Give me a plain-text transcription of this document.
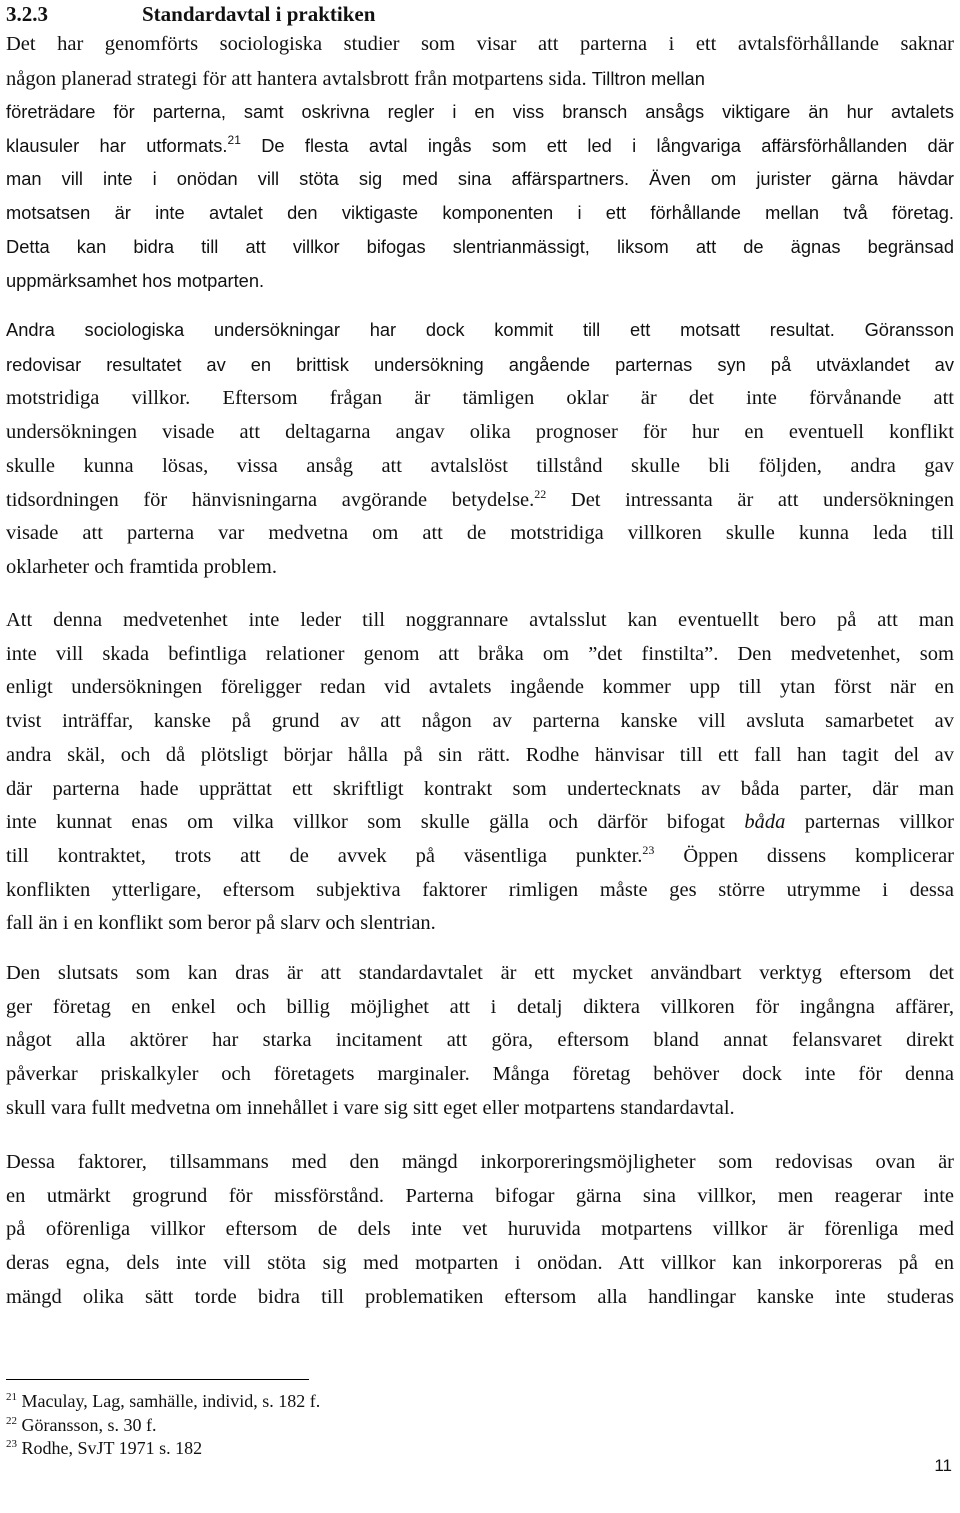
3.2.3	Standardavtal i praktiken
Det har genomförts sociologiska studier som visar att parterna i ett avtalsförhållande saknar
någon planerad strategi för att hantera avtalsbrott från motpartens sida. Tilltron mellan
företrädare för parterna, samt oskrivna regler i en viss bransch ansågs viktigare än hur avtalets
klausuler har utformats.$^{21}$ De flesta avtal ingås som ett led i långvariga affärsförhållanden där
man vill inte i onödan vill stöta sig med sina affärspartners. Även om jurister gärna hävdar
motsatsen är inte avtalet den viktigaste komponenten i ett förhållande mellan två företag.
Detta kan bidra till att villkor bifogas slentrianmässigt, liksom att de ägnas begränsad
uppmärksamhet hos motparten.
Andra sociologiska undersökningar har dock kommit till ett motsatt resultat. Göransson
redovisar resultatet av en brittisk undersökning angående parternas syn på utväxlandet av
motstridiga villkor. Eftersom frågan är tämligen oklar är det inte förvånande att
undersökningen visade att deltagarna angav olika prognoser för hur en eventuell konflikt
skulle kunna lösas, vissa ansåg att avtalslöst tillstånd skulle bli följden, andra gav
tidsordningen för hänvisningarna avgörande betydelse.$^{22}$ Det intressanta är att undersökningen
visade att parterna var medvetna om att de motstridiga villkoren skulle kunna leda till
oklarheter och framtida problem.
Att denna medvetenhet inte leder till noggrannare avtalsslut kan eventuellt bero på att man
inte vill skada befintliga relationer genom att bråka om ”det finstilta”. Den medvetenhet, som
enligt undersökningen föreligger redan vid avtalets ingående kommer upp till ytan först när en
tvist inträffar, kanske på grund av att någon av parterna kanske vill avsluta samarbetet av
andra skäl, och då plötsligt börjar hålla på sin rätt. Rodhe hänvisar till ett fall han tagit del av
där parterna hade upprättat ett skriftligt kontrakt som undertecknats av båda parter, där man
inte kunnat enas om vilka villkor som skulle gälla och därför bifogat båda parternas villkor
till kontraktet, trots att de avvek på väsentliga punkter.$^{23}$ Öppen dissens komplicerar
konflikten ytterligare, eftersom subjektiva faktorer rimligen måste ges större utrymme i dessa
fall än i en konflikt som beror på slarv och slentrian.
Den slutsats som kan dras är att standardavtalet är ett mycket användbart verktyg eftersom det
ger företag en enkel och billig möjlighet att i detalj diktera villkoren för ingångna affärer,
något alla aktörer har starka incitament att göra, eftersom bland annat felansvaret direkt
påverkar priskalkyler och företagets marginaler. Många företag behöver dock inte för denna
skull vara fullt medvetna om innehållet i vare sig sitt eget eller motpartens standardavtal.
Dessa faktorer, tillsammans med den mängd inkorporeringsmöjligheter som redovisas ovan är
en utmärkt grogrund för missförstånd. Parterna bifogar gärna sina villkor, men reagerar inte
på oförenliga villkor eftersom de dels inte vet huruvida motpartens villkor är förenliga med
deras egna, dels inte vill stöta sig med motparten i onödan. Att villkor kan inkorporeras på en
mängd olika sätt torde bidra till problematiken eftersom alla handlingar kanske inte studeras
$^{21}$ Maculay, Lag, samhälle, individ, s. 182 f.
$^{22}$ Göransson, s. 30 f.
$^{23}$ Rodhe, SvJT 1971 s. 182
11
